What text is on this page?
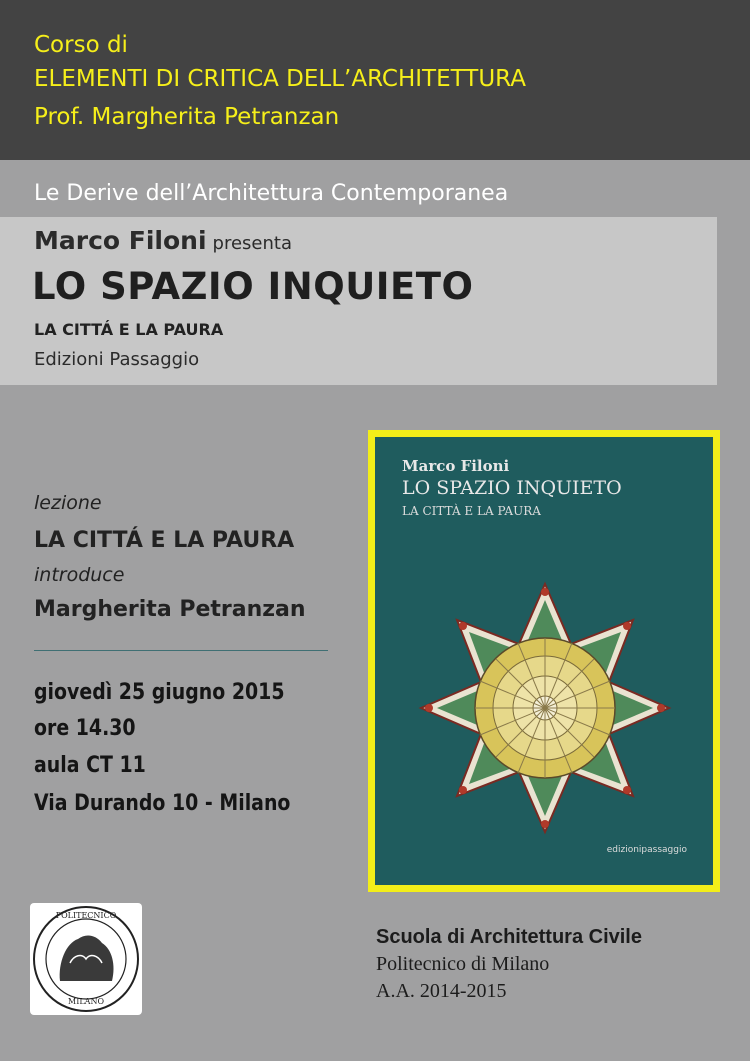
Corso di
ELEMENTI DI CRITICA DELL’ARCHITETTURA
Prof. Margherita Petranzan
Le Derive dell’Architettura Contemporanea
Marco Filoni presenta
LO SPAZIO INQUIETO
LA CITTÁ E LA PAURA
Edizioni Passaggio
lezione
LA CITTÁ E LA PAURA
introduce
Margherita Petranzan
giovedì 25 giugno 2015
ore 14.30
aula CT 11
Via Durando 10 - Milano
Marco Filoni
LO SPAZIO INQUIETO
LA CITTÀ E LA PAURA
edizionipassaggio
POLITECNICO
MILANO
Scuola di Architettura Civile
Politecnico di Milano
A.A. 2014-2015
